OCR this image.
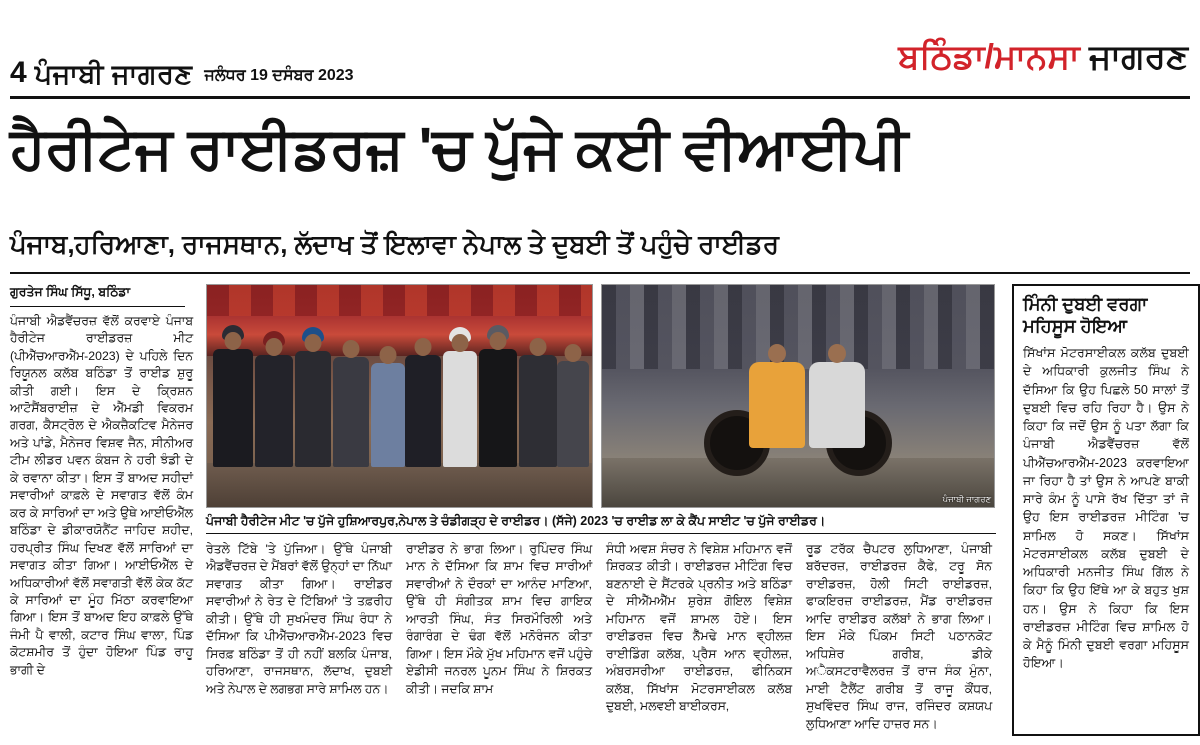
4 ਪੰਜਾਬੀ ਜਾਗਰਣ ਜਲੰਧਰ 19 ਦਸੰਬਰ 2023	ਬਠਿੰਡਾ/ਮਾਨਸਾ ਜਾਗਰਣ
ਹੈਰੀਟੇਜ ਰਾਈਡਰਜ਼ 'ਚ ਪੁੱਜੇ ਕਈ ਵੀਆਈਪੀ
ਪੰਜਾਬ,ਹਰਿਆਣਾ, ਰਾਜਸਥਾਨ, ਲੱਦਾਖ ਤੋਂ ਇਲਾਵਾ ਨੇਪਾਲ ਤੇ ਦੁਬਈ ਤੋਂ ਪਹੁੰਚੇ ਰਾਈਡਰ
ਗੁਰਤੇਜ ਸਿੰਘ ਸਿੱਧੂ, ਬਠਿੰਡਾ

ਪੰਜਾਬੀ ਐਡਵੈਂਚਰਜ਼ ਵੱਲੋਂ ਕਰਵਾਏ ਪੰਜਾਬ ਹੈਰੀਟੇਜ ਰਾਈਡਰਜ਼ ਮੀਟ (ਪੀਐੱਚਆਰਐੱਮ-2023) ਦੇ ਪਹਿਲੇ ਦਿਨ ਰਿਯੂਨਲ ਕਲੱਬ ਬਠਿੰਡਾ ਤੋਂ ਰਾਈਡ ਸ਼ੁਰੂ ਕੀਤੀ ਗਈ। ਇਸ ਦੇ ਕ੍ਰਿਸ਼ਨ ਆਟੋਸੈਂਬਰਾਈਜ਼ ਦੇ ਐੱਮਡੀ ਵਿਕਰਮ ਗਰਗ, ਕੈਸਟ੍ਰੋਲ ਦੇ ਐਕਜ਼ੈਕਟਿਵ ਮੈਨੇਜਰ ਅਤੇ ਪਾਂਡੇ, ਮੈਨੇਜਰ ਵਿਸ਼ਵ ਜੈਨ, ਸੀਨੀਅਰ ਟੀਮ ਲੀਡਰ ਪਵਨ ਕੰਬਜ ਨੇ ਹਰੀ ਝੰਡੀ ਦੇ ਕੇ ਰਵਾਨਾ ਕੀਤਾ। ਇਸ ਤੋਂ ਬਾਅਦ ਸਹੀਦਾਂ ਸਵਾਰੀਆਂ ਕਾਫ਼ਲੇ ਦੇ ਸਵਾਗਤ ਵੱਲੋਂ ਕੰਮ ਕਰ ਕੇ ਸਾਰਿਆਂ ਦਾ ਅਤੇ ਉਥੇ ਆਈਓਐੱਲ ਬਠਿੰਡਾ ਦੇ ਡੀਕਾਰਯੋਨੈਂਟ ਜਾਹਿਦ ਸ਼ਹੀਦ, ਹਰਪ੍ਰੀਤ ਸਿੰਘ ਦਿਖਣ ਵੱਲੋਂ ਸਾਰਿਆਂ ਦਾ ਸਵਾਗਤ ਕੀਤਾ ਗਿਆ। ਆਈਓਐੱਲ ਦੇ ਅਧਿਕਾਰੀਆਂ ਵੱਲੋਂ ਸਵਾਗਤੀ ਵੱਲੋਂ ਕੇਕ ਕੱਟ ਕੇ ਸਾਰਿਆਂ ਦਾ ਮੂੰਹ ਮਿੱਠਾ ਕਰਵਾਇਆ ਗਿਆ। ਇਸ ਤੋਂ ਬਾਅਦ ਇਹ ਕਾਫ਼ਲੇ ਉੱਥੇ ਜੰਮੀ ਪੈ ਵਾਲੀ, ਕਟਾਰ ਸਿੰਘ ਵਾਲਾ, ਪਿੰਡ ਕੋਟਸ਼ਮੀਰ ਤੋਂ ਹੁੰਦਾ ਹੋਇਆ ਪਿੰਡ ਰਾਹੂ ਭਾਗੀ ਦੇ

ਪੰਜਾਬੀ ਜਾਗਰਣ
ਪੰਜਾਬੀ ਹੈਰੀਟੇਜ ਮੀਟ 'ਚ ਪੁੱਜੇ ਹੁਸ਼ਿਆਰਪੁਰ,ਨੇਪਾਲ ਤੇ ਚੰਡੀਗੜ੍ਹ ਦੇ ਰਾਈਡਰ। (ਸੱਜੇ) 2023 'ਚ ਰਾਈਡ ਲਾ ਕੇ ਕੈਂਪ ਸਾਈਟ 'ਚ ਪੁੱਜੇ ਰਾਈਡਰ।

ਰੇਤਲੇ ਟਿੱਬੇ 'ਤੇ ਪੁੱਜਿਆ। ਉੱਥੇ ਪੰਜਾਬੀ ਐਡਵੈਂਚਰਜ਼ ਦੇ ਮੈਂਬਰਾਂ ਵੱਲੋਂ ਉਨ੍ਹਾਂ ਦਾ ਨਿੱਘਾ ਸਵਾਗਤ ਕੀਤਾ ਗਿਆ। ਰਾਈਡਰ ਸਵਾਰੀਆਂ ਨੇ ਰੇਤ ਦੇ ਟਿੱਬਿਆਂ 'ਤੇ ਤਫ਼ਰੀਹ ਕੀਤੀ। ਉੱਥੇ ਹੀ ਸੁਖਮੰਦਰ ਸਿੰਘ ਰੰਧਾ ਨੇ ਦੱਸਿਆ ਕਿ ਪੀਐੱਚਆਰਐੱਮ-2023 ਵਿਚ ਸਿਰਫ਼ ਬਠਿੰਡਾ ਤੋਂ ਹੀ ਨਹੀਂ ਬਲਕਿ ਪੰਜਾਬ, ਹਰਿਆਣਾ, ਰਾਜਸਥਾਨ, ਲੱਦਾਖ, ਦੁਬਈ ਅਤੇ ਨੇਪਾਲ ਦੇ ਲਗਭਗ ਸਾਰੇ ਸ਼ਾਮਿਲ ਹਨ।

ਰਾਈਡਰ ਨੇ ਭਾਗ ਲਿਆ। ਰੁਪਿੰਦਰ ਸਿੰਘ ਮਾਨ ਨੇ ਦੱਸਿਆ ਕਿ ਸ਼ਾਮ ਵਿਚ ਸਾਰੀਆਂ ਸਵਾਰੀਆਂ ਨੇ ਦੌਰਕਾਂ ਦਾ ਆਨੰਦ ਮਾਣਿਆ, ਉੱਥੇ ਹੀ ਸੰਗੀਤਕ ਸ਼ਾਮ ਵਿਚ ਗਾਇਕ ਆਰਤੀ ਸਿੰਘ, ਸੰਤ ਸਿਰਮੌਰਿਲੀ ਅਤੇ ਰੰਗਾਰੰਗ ਦੇ ਢੰਗ ਵੱਲੋਂ ਮਨੋਰੰਜਨ ਕੀਤਾ ਗਿਆ। ਇਸ ਮੌਕੇ ਮੁੱਖ ਮਹਿਮਾਨ ਵਜੋਂ ਪਹੁੰਚੇ ਏਡੀਸੀ ਜਨਰਲ ਪੂਨਮ ਸਿੰਘ ਨੇ ਸ਼ਿਰਕਤ ਕੀਤੀ। ਜਦਕਿ ਸ਼ਾਮ

ਸੰਧੀ ਅਵਸ਼ ਸੰਚਰ ਨੇ ਵਿਸ਼ੇਸ਼ ਮਹਿਮਾਨ ਵਜੋਂ ਸ਼ਿਰਕਤ ਕੀਤੀ। ਰਾਈਡਰਜ਼ ਮੀਟਿੰਗ ਵਿਚ ਬਣਨਾਈ ਦੇ ਸੈਂਟਰਕੇ ਪ੍ਰਨੀਤ ਅਤੇ ਬਠਿੰਡਾ ਦੇ ਸੀਐੱਮਐੱਮ ਸ਼ੁਰੇਸ਼ ਗੋਇਲ ਵਿਸ਼ੇਸ਼ ਮਹਿਮਾਨ ਵਜੋਂ ਸ਼ਾਮਲ ਹੋਏ। ਇਸ ਰਾਈਡਰਜ਼ ਵਿਚ ਨੈੱਮਢੇ ਮਾਨ ਵ੍ਹੀਲਜ਼ ਰਾਈਡਿੰਗ ਕਲੱਬ, ਪ੍ਰੈਸ ਆਨ ਵ੍ਹੀਲਜ਼, ਅੰਬਰਸਰੀਆ ਰਾਈਡਰਜ਼, ਫੀਨਿਕਸ ਕਲੱਬ, ਸਿੱਖਾਂਸ ਮੋਟਰਸਾਈਕਲ ਕਲੱਬ ਦੁਬਈ, ਮਲਵਈ ਬਾਈਕਰਸ,

ਰੂਡ ਟਰੱਕ ਚੈਪਟਰ ਲੁਧਿਆਣਾ, ਪੰਜਾਬੀ ਬਰੱਦਰਜ਼, ਰਾਈਡਰਜ਼ ਕੈਫੇ, ਟਰੂ ਸੋਨ ਰਾਈਡਰਜ਼, ਹੋਲੀ ਸਿਟੀ ਰਾਈਡਰਜ਼, ਫਾਕਇਰਜ਼ ਰਾਈਡਰਜ਼, ਮੈਂਡ ਰਾਈਡਰਜ਼ ਆਦਿ ਰਾਈਡਰ ਕਲੱਬਾਂ ਨੇ ਭਾਗ ਲਿਆ। ਇਸ ਮੌਕੇ ਪਿੰਕਮ ਸਿਟੀ ਪਠਾਨਕੋਟ ਅਧਿਸ਼ੇਰ ਗਰੀਬ, ਡੀਕੇ ਅੈਕਸਟਰਾਵੈਲਰਜ਼ ਤੋਂ ਰਾਜ ਸੰਕ ਮੁੰਨਾ, ਮਾਈ ਟੈਲੈਂਟ ਗਰੀਬ ਤੋਂ ਰਾਜੂ ਕੌਂਧਰ, ਸੁਖਵਿੰਦਰ ਸਿੰਘ ਰਾਜ, ਰਜਿੰਦਰ ਕਸ਼ਯਪ ਲੁਧਿਆਣਾ ਆਦਿ ਹਾਜ਼ਰ ਸਨ।

ਮਿੰਨੀ ਦੁਬਈ ਵਰਗਾ ਮਹਿਸੂਸ ਹੋਇਆ

ਸਿੱਖਾਂਸ ਮੋਟਰਸਾਈਕਲ ਕਲੱਬ ਦੁਬਈ ਦੇ ਅਧਿਕਾਰੀ ਕੁਲਜੀਤ ਸਿੰਘ ਨੇ ਦੱਸਿਆ ਕਿ ਉਹ ਪਿਛਲੇ 50 ਸਾਲਾਂ ਤੋਂ ਦੁਬਈ ਵਿਚ ਰਹਿ ਰਿਹਾ ਹੈ। ਉਸ ਨੇ ਕਿਹਾ ਕਿ ਜਦੋਂ ਉਸ ਨੂੰ ਪਤਾ ਲੱਗਾ ਕਿ ਪੰਜਾਬੀ ਐਡਵੈਂਚਰਜ਼ ਵੱਲੋਂ ਪੀਐੱਚਆਰਐੱਮ-2023 ਕਰਵਾਇਆ ਜਾ ਰਿਹਾ ਹੈ ਤਾਂ ਉਸ ਨੇ ਆਪਣੇ ਬਾਕੀ ਸਾਰੇ ਕੰਮ ਨੂੰ ਪਾਸੇ ਰੱਖ ਦਿੱਤਾ ਤਾਂ ਜੋ ਉਹ ਇਸ ਰਾਈਡਰਜ਼ ਮੀਟਿੰਗ 'ਚ ਸ਼ਾਮਿਲ ਹੋ ਸਕਣ। ਸਿੱਖਾਂਸ ਮੋਟਰਸਾਈਕਲ ਕਲੱਬ ਦੁਬਈ ਦੇ ਅਧਿਕਾਰੀ ਮਨਜੀਤ ਸਿੰਘ ਗਿੱਲ ਨੇ ਕਿਹਾ ਕਿ ਉਹ ਇੱਥੇ ਆ ਕੇ ਬਹੁਤ ਖੁਸ਼ ਹਨ। ਉਸ ਨੇ ਕਿਹਾ ਕਿ ਇਸ ਰਾਈਡਰਜ਼ ਮੀਟਿੰਗ ਵਿਚ ਸ਼ਾਮਿਲ ਹੋ ਕੇ ਮੈਨੂੰ ਮਿੰਨੀ ਦੁਬਈ ਵਰਗਾ ਮਹਿਸੂਸ ਹੋਇਆ।
